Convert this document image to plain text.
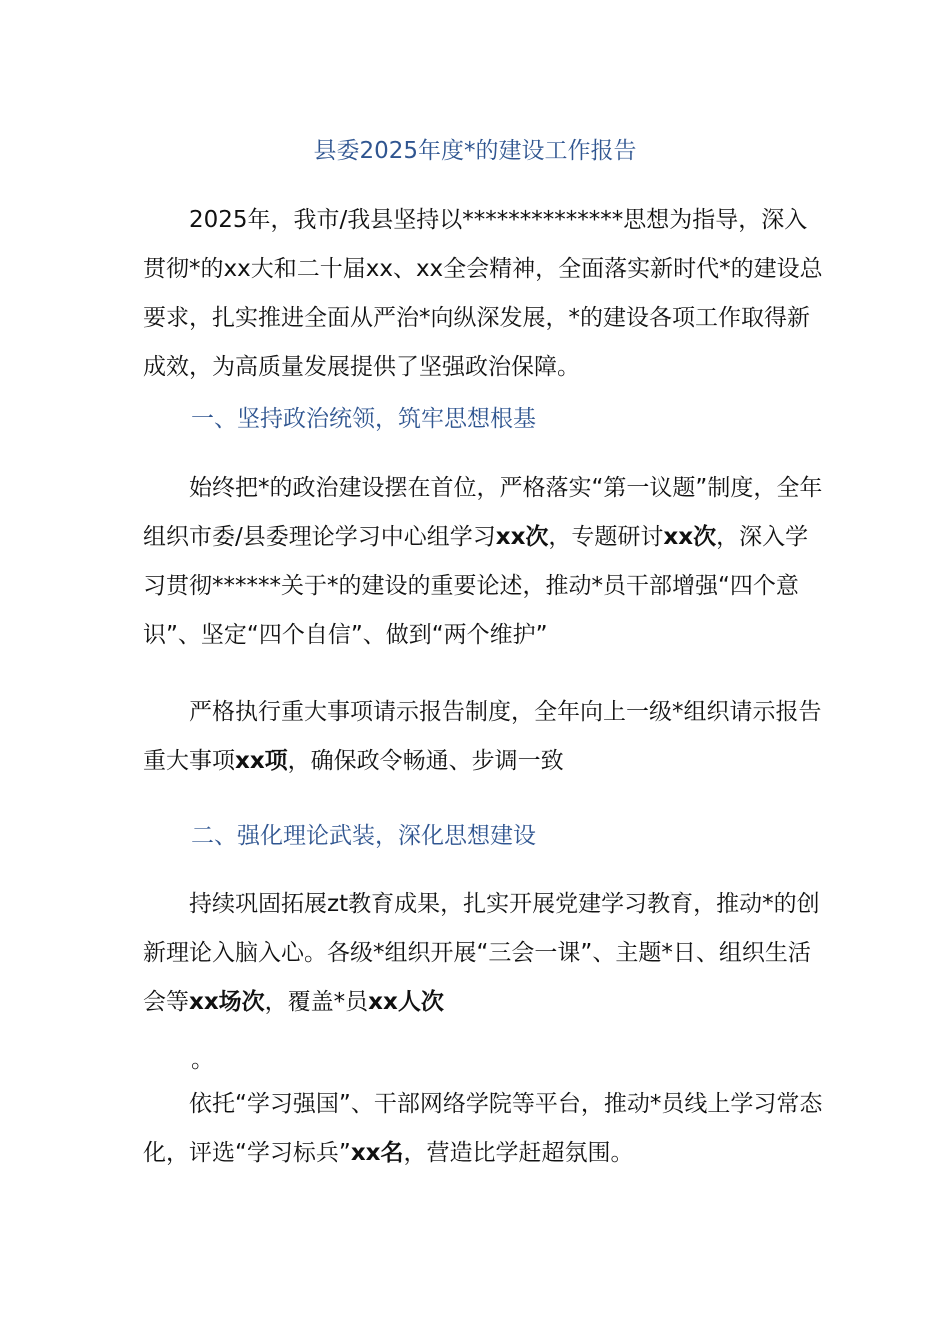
县委2025年度*的建设工作报告

2025年，我市/我县坚持以**************思想为指导，深入贯彻*的xx大和二十届xx、xx全会精神，全面落实新时代*的建设总要求，扎实推进全面从严治*向纵深发展，*的建设各项工作取得新成效，为高质量发展提供了坚强政治保障。

一、坚持政治统领，筑牢思想根基

始终把*的政治建设摆在首位，严格落实“第一议题”制度，全年组织市委/县委理论学习中心组学习xx次，专题研讨xx次，深入学习贯彻******关于*的建设的重要论述，推动*员干部增强“四个意识”、坚定“四个自信”、做到“两个维护”

严格执行重大事项请示报告制度，全年向上一级*组织请示报告重大事项xx项，确保政令畅通、步调一致

二、强化理论武装，深化思想建设

持续巩固拓展zt教育成果，扎实开展党建学习教育，推动*的创新理论入脑入心。各级*组织开展“三会一课”、主题*日、组织生活会等xx场次，覆盖*员xx人次

。

依托“学习强国”、干部网络学院等平台，推动*员线上学习常态化，评选“学习标兵”xx名，营造比学赶超氛围。
